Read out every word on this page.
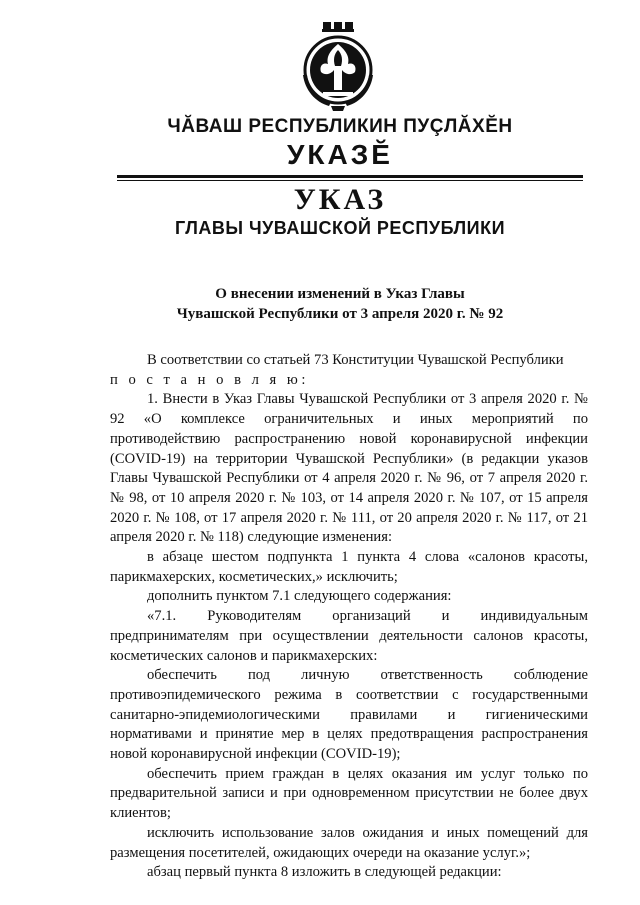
ЧĂВАШ РЕСПУБЛИКИН ПУÇЛĂХĔН
УКАЗĔ
УКАЗ
ГЛАВЫ ЧУВАШСКОЙ РЕСПУБЛИКИ
О внесении изменений в Указ Главы
Чувашской Республики от 3 апреля 2020 г. № 92

В соответствии со статьей 73 Конституции Чувашской Республики

п о с т а н о в л я ю:

1. Внести в Указ Главы Чувашской Республики от 3 апреля 2020 г. № 92 «О комплексе ограничительных и иных мероприятий по противодействию распространению новой коронавирусной инфекции (COVID-19) на территории Чувашской Республики» (в редакции указов Главы Чувашской Республики от 4 апреля 2020 г. № 96, от 7 апреля 2020 г. № 98, от 10 апреля 2020 г. № 103, от 14 апреля 2020 г. № 107, от 15 апреля 2020 г. № 108, от 17 апреля 2020 г. № 111, от 20 апреля 2020 г. № 117, от 21 апреля 2020 г. № 118) следующие изменения:

в абзаце шестом подпункта 1 пункта 4 слова «салонов красоты, парикмахерских, косметических,» исключить;

дополнить пунктом 7.1 следующего содержания:

«7.1. Руководителям организаций и индивидуальным предпринимателям при осуществлении деятельности салонов красоты, косметических салонов и парикмахерских:

обеспечить под личную ответственность соблюдение противоэпидемического режима в соответствии с государственными санитарно-эпидемиологическими правилами и гигиеническими нормативами и принятие мер в целях предотвращения распространения новой коронавирусной инфекции (COVID-19);

обеспечить прием граждан в целях оказания им услуг только по предварительной записи и при одновременном присутствии не более двух клиентов;

исключить использование залов ожидания и иных помещений для размещения посетителей, ожидающих очереди на оказание услуг.»;

абзац первый пункта 8 изложить в следующей редакции:
